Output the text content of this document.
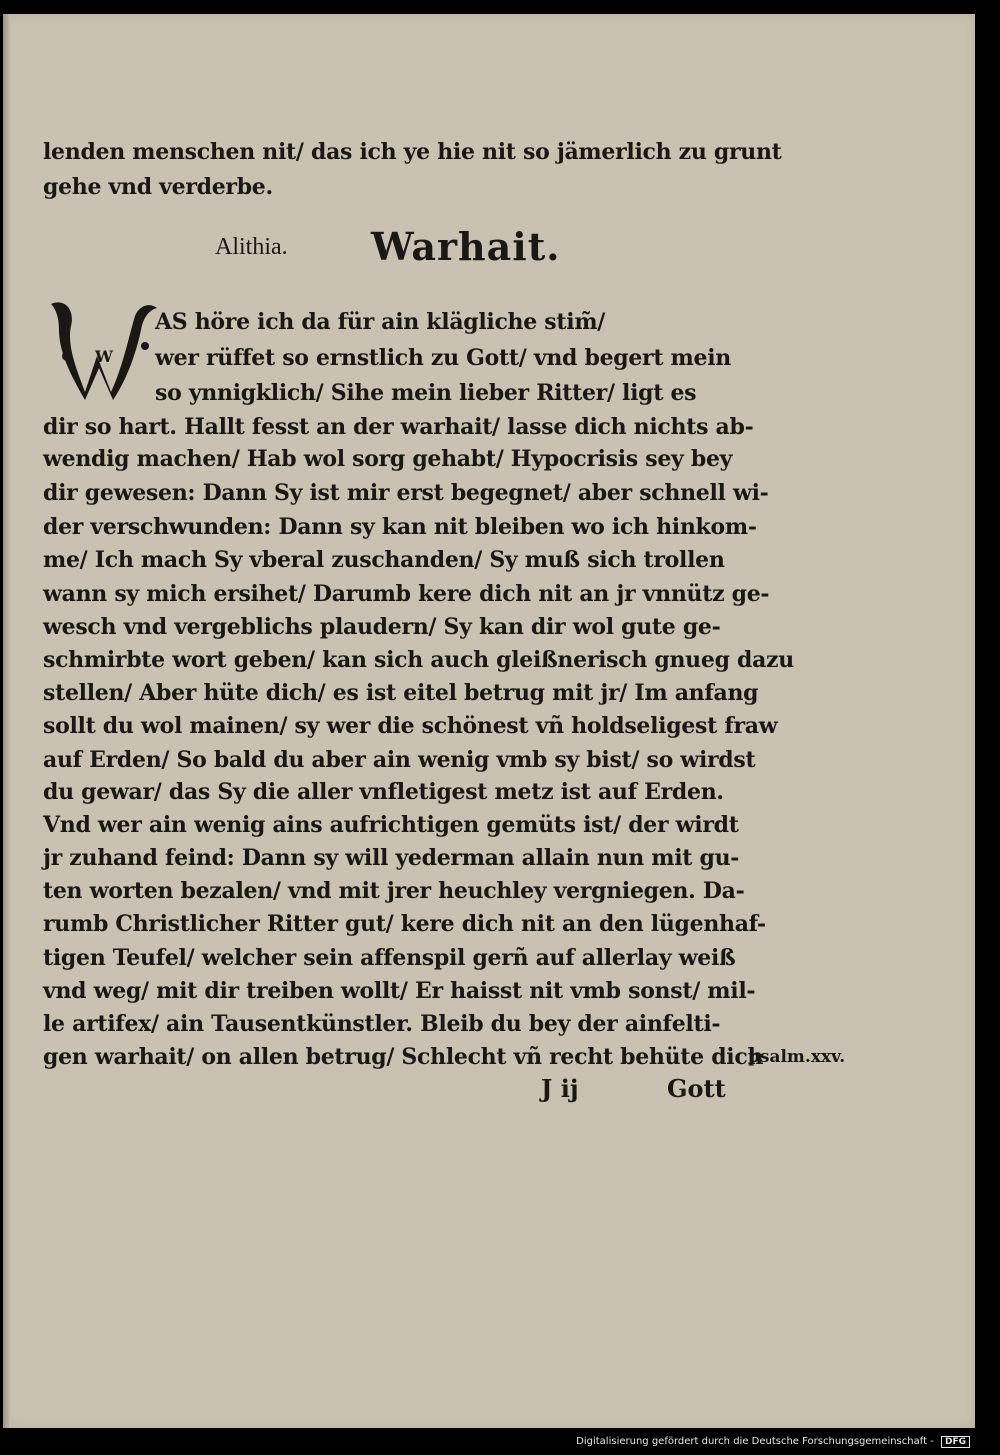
lenden menschen nit/ das ich ye hie nit so jämerlich zu grunt
gehe vnd verderbe.
Alithia. Warhait.
W
AS höre ich da für ain klägliche stim̃/
wer rüffet so ernstlich zu Gott/ vnd begert mein
so ynnigklich/ Sihe mein lieber Ritter/ ligt es
dir so hart. Hallt fesst an der warhait/ lasse dich nichts ab-
wendig machen/ Hab wol sorg gehabt/ Hypocrisis sey bey
dir gewesen: Dann Sy ist mir erst begegnet/ aber schnell wi-
der verschwunden: Dann sy kan nit bleiben wo ich hinkom-
me/ Ich mach Sy vberal zuschanden/ Sy muß sich trollen
wann sy mich ersihet/ Darumb kere dich nit an jr vnnütz ge-
wesch vnd vergeblichs plaudern/ Sy kan dir wol gute ge-
schmirbte wort geben/ kan sich auch gleißnerisch gnueg dazu
stellen/ Aber hüte dich/ es ist eitel betrug mit jr/ Im anfang
sollt du wol mainen/ sy wer die schönest vñ holdseligest fraw
auf Erden/ So bald du aber ain wenig vmb sy bist/ so wirdst
du gewar/ das Sy die aller vnfletigest metz ist auf Erden.
Vnd wer ain wenig ains aufrichtigen gemüts ist/ der wirdt
jr zuhand feind: Dann sy will yederman allain nun mit gu-
ten worten bezalen/ vnd mit jrer heuchley vergniegen. Da-
rumb Christlicher Ritter gut/ kere dich nit an den lügenhaf-
tigen Teufel/ welcher sein affenspil gerñ auf allerlay weiß
vnd weg/ mit dir treiben wollt/ Er haisst nit vmb sonst/ mil-
le artifex/ ain Tausentkünstler. Bleib du bey der ainfelti-
gen warhait/ on allen betrug/ Schlecht vñ recht behüte dich
psalm.xxv.
J ij	Gott
Digitalisierung gefördert durch die Deutsche Forschungsgemeinschaft - DFG
